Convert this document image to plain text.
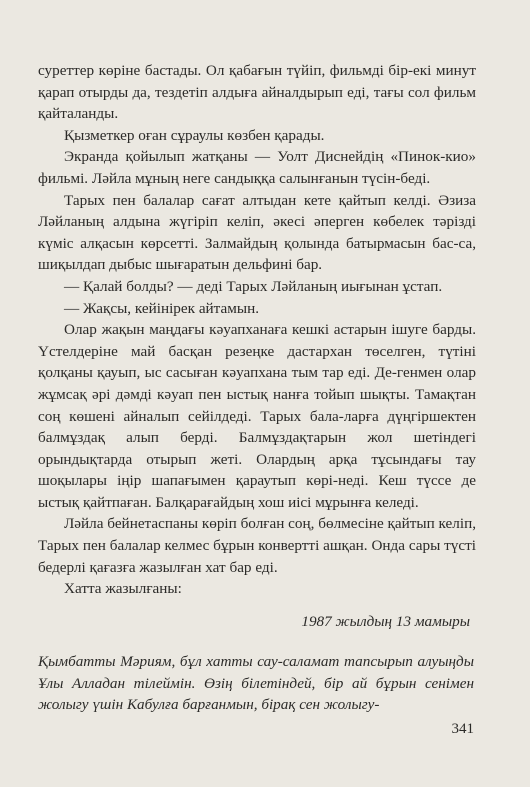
суреттер көріне бастады. Ол қабағын түйіп, фильмді бір-екі минут қарап отырды да, тездетіп алдыға айналдырып еді, тағы сол фильм қайталанды.

Қызметкер оған сұраулы көзбен қарады.

Экранда қойылып жатқаны — Уолт Диснейдің «Пинок-кио» фильмі. Ләйла мұның неге сандыққа салынғанын түсін-беді.

Тарых пен балалар сағат алтыдан кете қайтып келді. Әзиза Ләйланың алдына жүгіріп келіп, әкесі әперген көбелек тәрізді күміс алқасын көрсетті. Залмайдың қолында батырмасын бас-са, шиқылдап дыбыс шығаратын дельфині бар.

— Қалай болды? — деді Тарых Ләйланың иығынан ұстап.

— Жақсы, кейінірек айтамын.

Олар жақын маңдағы кәуапханаға кешкі астарын ішуге барды. Үстелдеріне май басқан резеңке дастархан төселген, түтіні қолқаны қауып, ыс сасыған кәуапхана тым тар еді. Де-генмен олар жұмсақ әрі дәмді кәуап пен ыстық нанға тойып шықты. Тамақтан соң көшені айналып сейілдеді. Тарых бала-ларға дүңгіршектен балмұздақ алып берді. Балмұздақтарын жол шетіндегі орындықтарда отырып жеті. Олардың арқа тұсындағы тау шоқылары іңір шапағымен қараутып көрі-неді. Кеш түссе де ыстық қайтпаған. Балқарағайдың хош иісі мұрынға келеді.

Ләйла бейнетаспаны көріп болған соң, бөлмесіне қайтып келіп, Тарых пен балалар келмес бұрын конвертті ашқан. Онда сары түсті бедерлі қағазға жазылған хат бар еді.

Хатта жазылғаны:

1987 жылдың 13 мамыры

Қымбатты Мәриям, бұл хатты сау-саламат тапсырып алуыңды Ұлы Алладан тілеймін. Өзің білетіндей, бір ай бұрын сенімен жолыгу үшін Кабулға барғанмын, бірақ сен жолыгу-

341
